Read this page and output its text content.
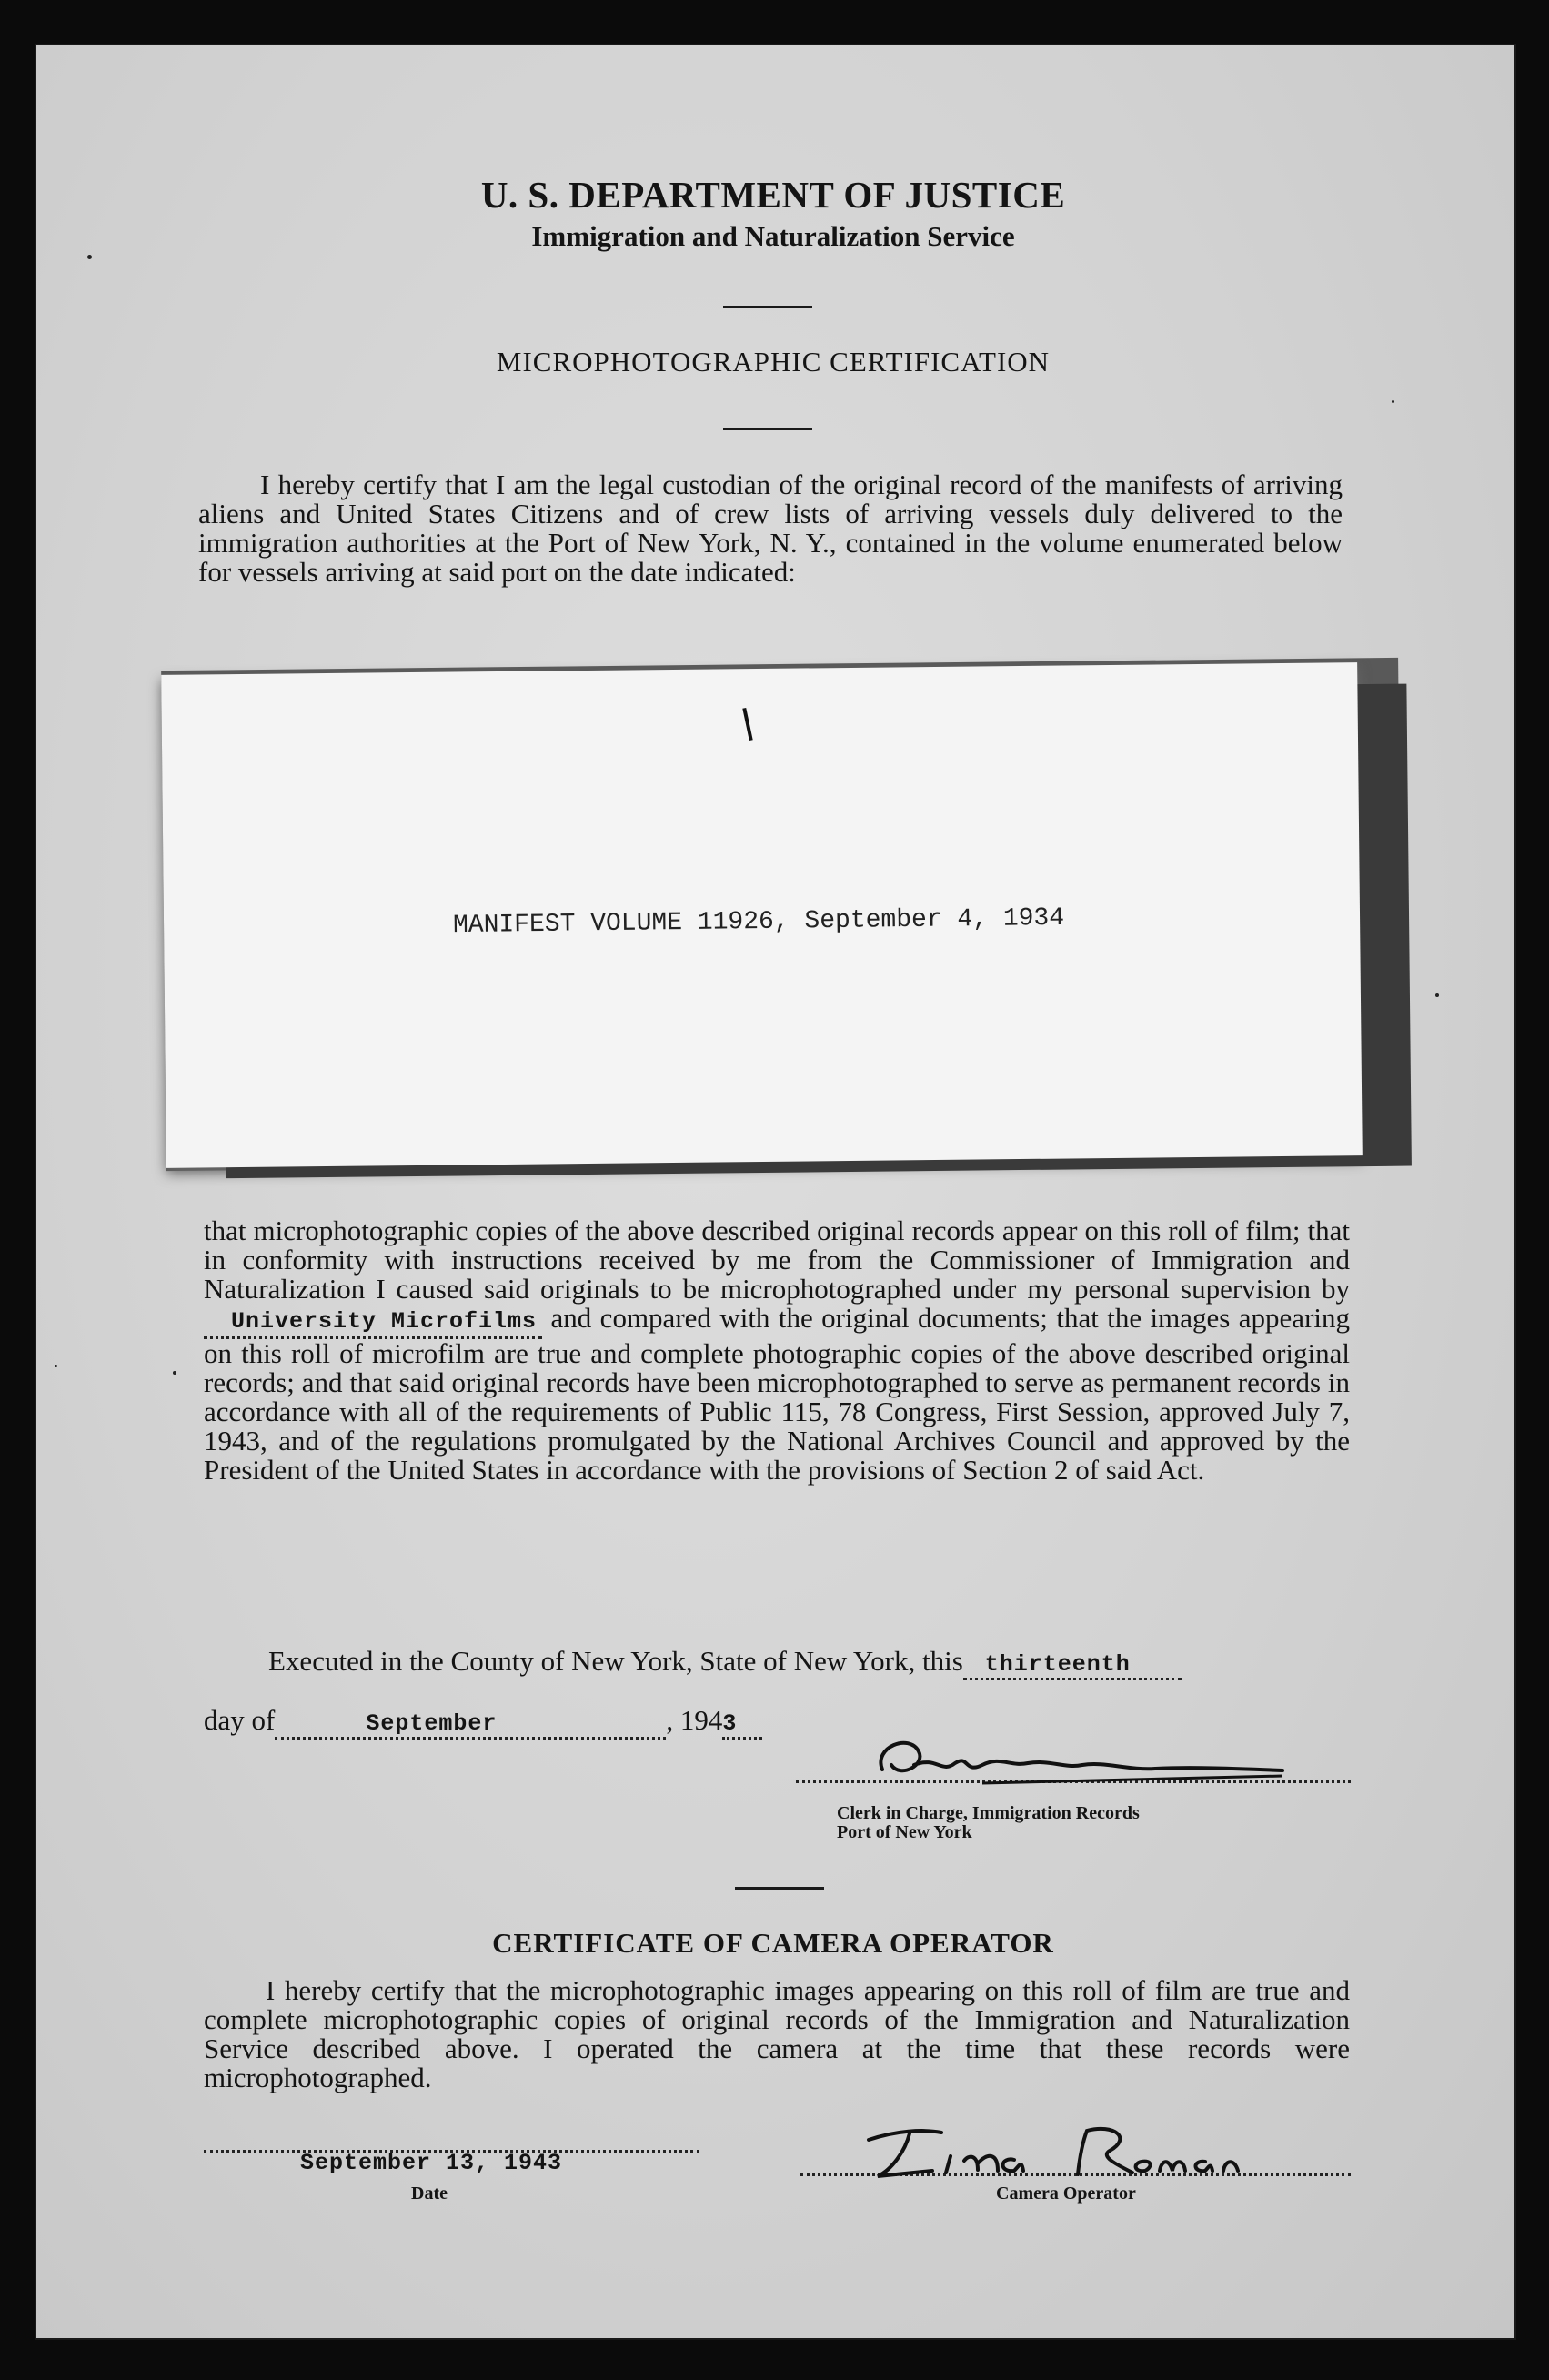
U. S. DEPARTMENT OF JUSTICE
Immigration and Naturalization Service
MICROPHOTOGRAPHIC CERTIFICATION
I hereby certify that I am the legal custodian of the original record of the manifests of arriving aliens and United States Citizens and of crew lists of arriving vessels duly delivered to the immigration authorities at the Port of New York, N. Y., contained in the volume enumerated below for vessels arriving at said port on the date indicated:
MANIFEST VOLUME 11926, September 4, 1934
that microphotographic copies of the above described original records appear on this roll of film; that in conformity with instructions received by me from the Commissioner of Immigration and Naturalization I caused said originals to be microphotographed under my personal supervision by University Microfilms and compared with the original documents; that the images appearing on this roll of microfilm are true and complete photographic copies of the above described original records; and that said original records have been microphotographed to serve as permanent records in accordance with all of the requirements of Public 115, 78 Congress, First Session, approved July 7, 1943, and of the regulations promulgated by the National Archives Council and approved by the President of the United States in accordance with the provisions of Section 2 of said Act.
Executed in the County of New York, State of New York, this thirteenth
day of	September	, 1943
Clerk in Charge, Immigration Records
Port of New York
CERTIFICATE OF CAMERA OPERATOR
I hereby certify that the microphotographic images appearing on this roll of film are true and complete microphotographic copies of original records of the Immigration and Naturalization Service described above. I operated the camera at the time that these records were microphotographed.
September 13, 1943
Date	Camera Operator
